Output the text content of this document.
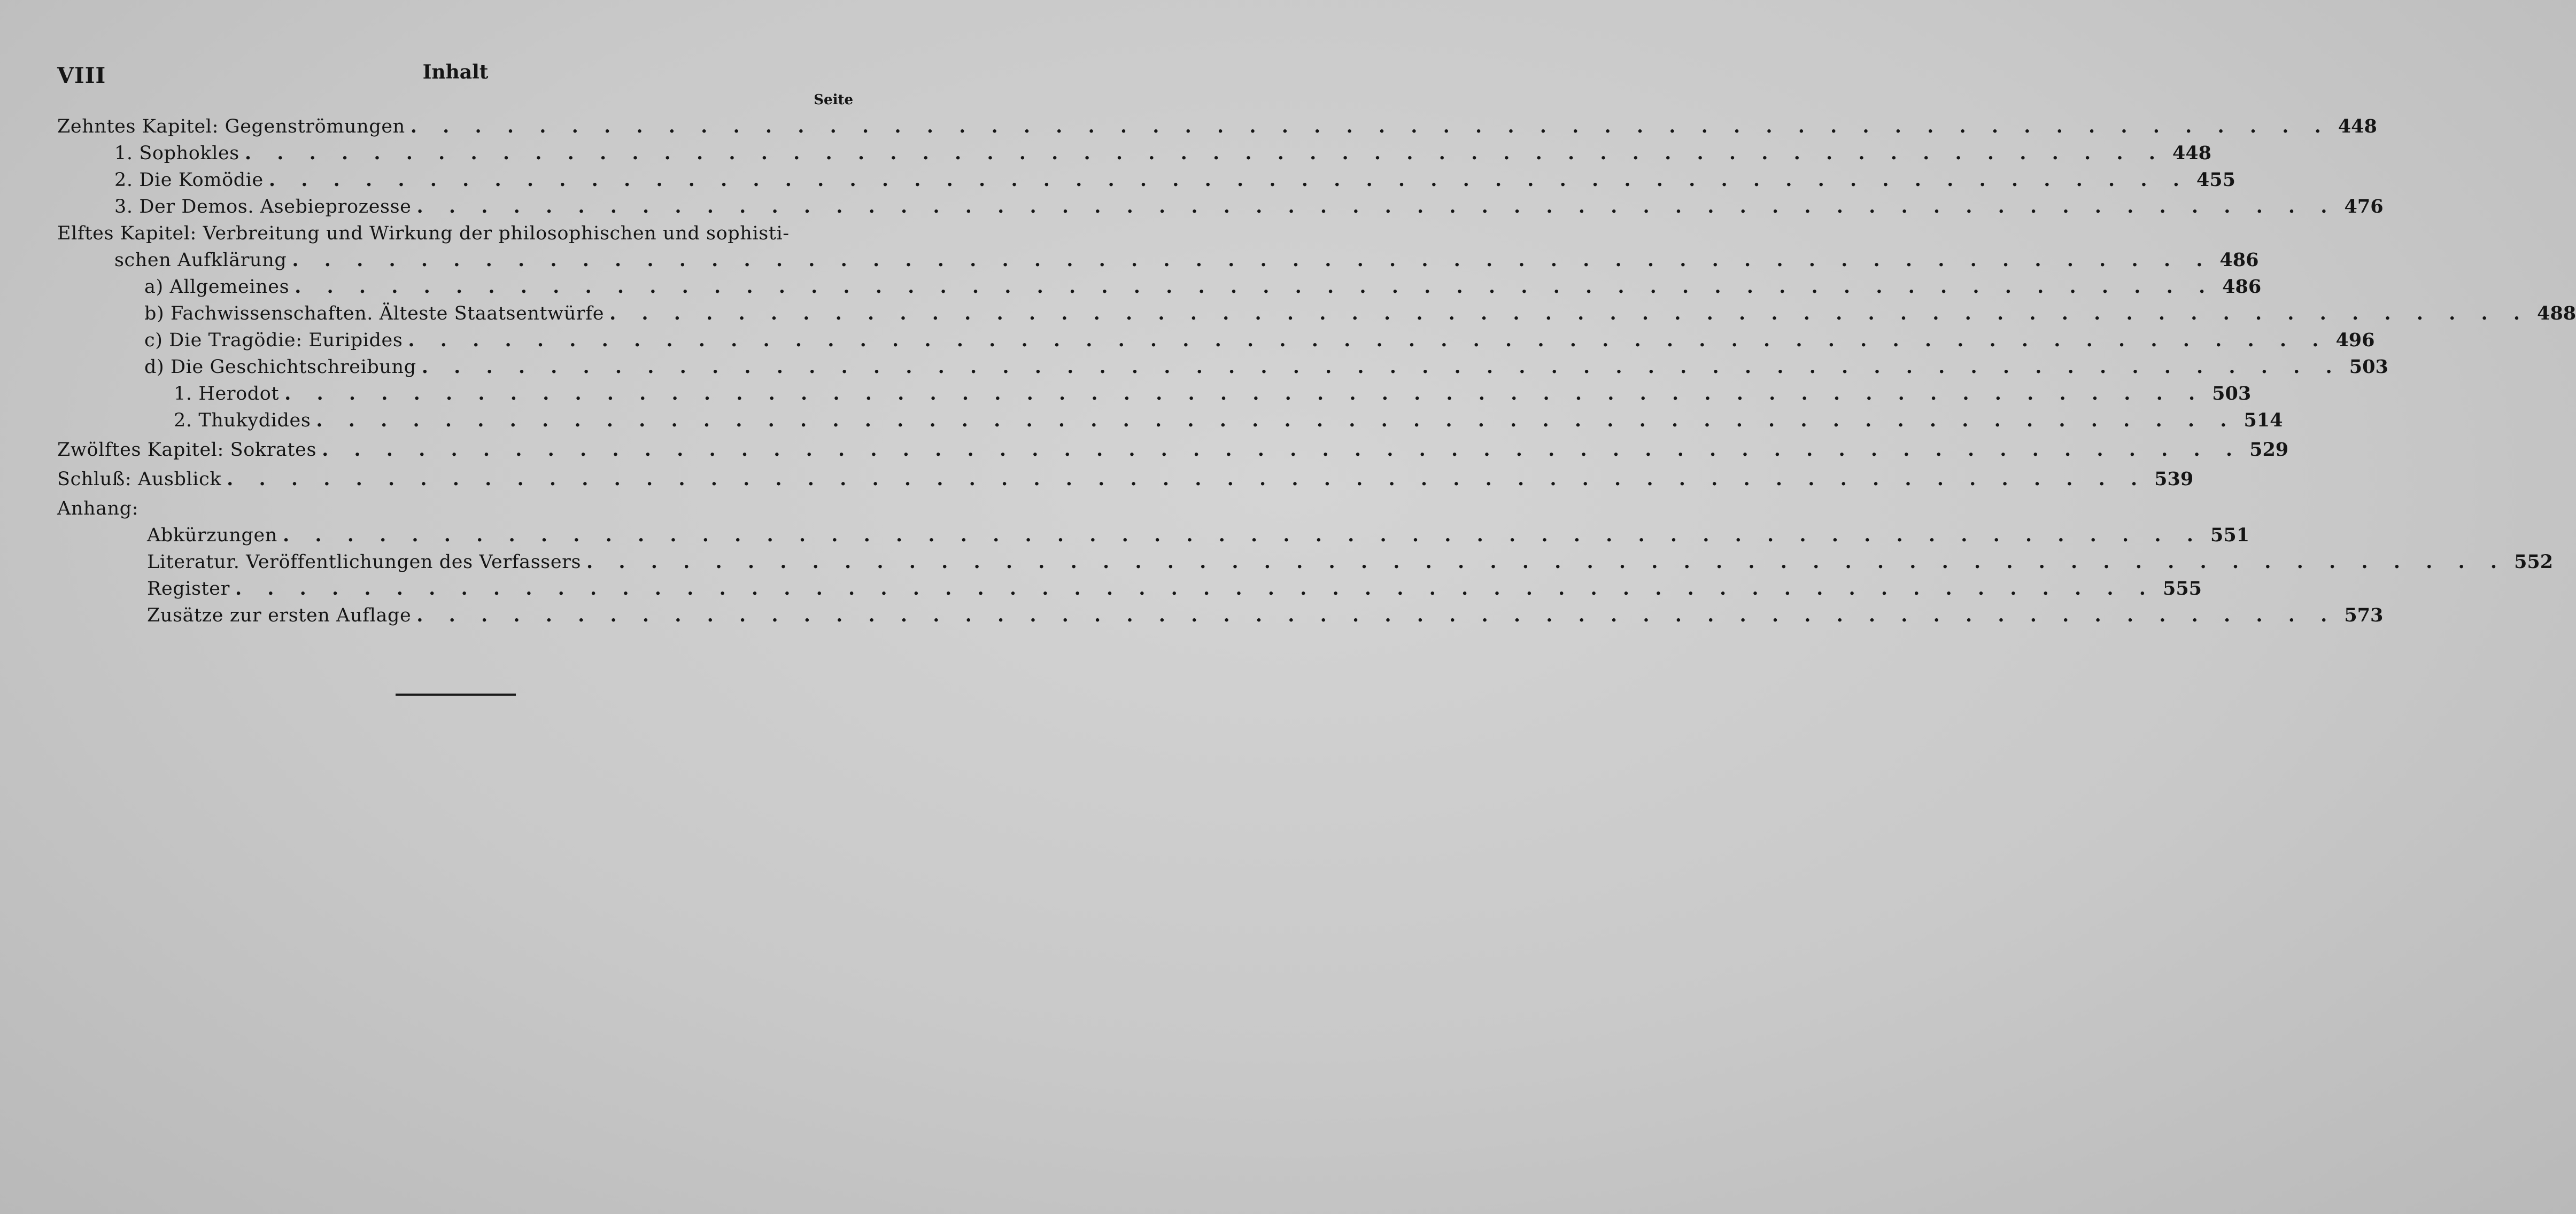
VIII	Inhalt
Seite
Zehntes Kapitel: Gegenströmungen . . . . . . . . . . . . . . . . . . . . . . . . . . . . . . . . . . . . . . . . . . . . . . . . . . . . . . . . . . . . 448
1. Sophokles . . . . . . . . . . . . . . . . . . . . . . . . . . . . . . . . . . . . . . . . . . . . . . . . . . . . . . . . . . . . 448
2. Die Komödie . . . . . . . . . . . . . . . . . . . . . . . . . . . . . . . . . . . . . . . . . . . . . . . . . . . . . . . . . . . . 455
3. Der Demos. Asebieprozesse . . . . . . . . . . . . . . . . . . . . . . . . . . . . . . . . . . . . . . . . . . . . . . . . . . . . . . . . . . . . 476
Elftes Kapitel: Verbreitung und Wirkung der philosophischen und sophisti-
schen Aufklärung . . . . . . . . . . . . . . . . . . . . . . . . . . . . . . . . . . . . . . . . . . . . . . . . . . . . . . . . . . . . 486
a) Allgemeines . . . . . . . . . . . . . . . . . . . . . . . . . . . . . . . . . . . . . . . . . . . . . . . . . . . . . . . . . . . . 486
b) Fachwissenschaften. Älteste Staatsentwürfe . . . . . . . . . . . . . . . . . . . . . . . . . . . . . . . . . . . . . . . . . . . . . . . . . . . . . . . . . . . . 488
c) Die Tragödie: Euripides . . . . . . . . . . . . . . . . . . . . . . . . . . . . . . . . . . . . . . . . . . . . . . . . . . . . . . . . . . . . 496
d) Die Geschichtschreibung . . . . . . . . . . . . . . . . . . . . . . . . . . . . . . . . . . . . . . . . . . . . . . . . . . . . . . . . . . . . 503
1. Herodot . . . . . . . . . . . . . . . . . . . . . . . . . . . . . . . . . . . . . . . . . . . . . . . . . . . . . . . . . . . . 503
2. Thukydides . . . . . . . . . . . . . . . . . . . . . . . . . . . . . . . . . . . . . . . . . . . . . . . . . . . . . . . . . . . . 514
Zwölftes Kapitel: Sokrates . . . . . . . . . . . . . . . . . . . . . . . . . . . . . . . . . . . . . . . . . . . . . . . . . . . . . . . . . . . . 529
Schluß: Ausblick . . . . . . . . . . . . . . . . . . . . . . . . . . . . . . . . . . . . . . . . . . . . . . . . . . . . . . . . . . . . 539
Anhang:
Abkürzungen . . . . . . . . . . . . . . . . . . . . . . . . . . . . . . . . . . . . . . . . . . . . . . . . . . . . . . . . . . . . 551
Literatur. Veröffentlichungen des Verfassers . . . . . . . . . . . . . . . . . . . . . . . . . . . . . . . . . . . . . . . . . . . . . . . . . . . . . . . . . . . . 552
Register . . . . . . . . . . . . . . . . . . . . . . . . . . . . . . . . . . . . . . . . . . . . . . . . . . . . . . . . . . . . 555
Zusätze zur ersten Auflage . . . . . . . . . . . . . . . . . . . . . . . . . . . . . . . . . . . . . . . . . . . . . . . . . . . . . . . . . . . . 573
